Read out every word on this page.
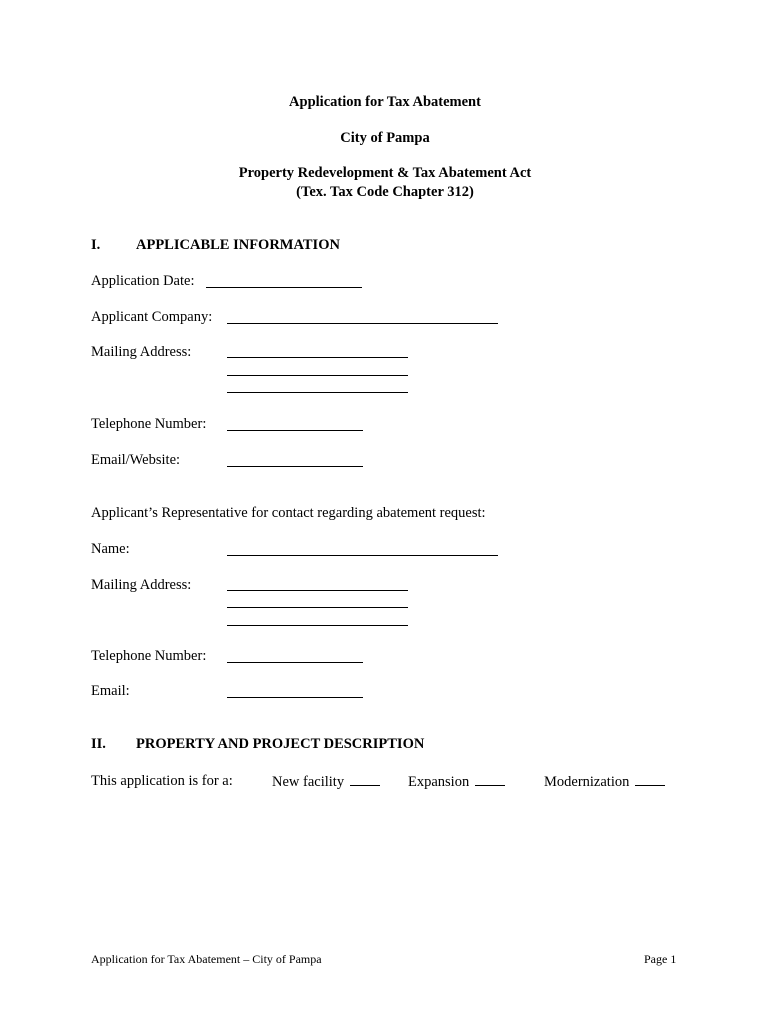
Application for Tax Abatement
City of Pampa
Property Redevelopment & Tax Abatement Act
(Tex. Tax Code Chapter 312)
I. APPLICABLE INFORMATION
Application Date:
Applicant Company:
Mailing Address:
Telephone Number:
Email/Website:
Applicant’s Representative for contact regarding abatement request:
Name:
Mailing Address:
Telephone Number:
Email:
II. PROPERTY AND PROJECT DESCRIPTION
This application is for a:	New facility	Expansion	Modernization
Application for Tax Abatement – City of Pampa	Page 1
